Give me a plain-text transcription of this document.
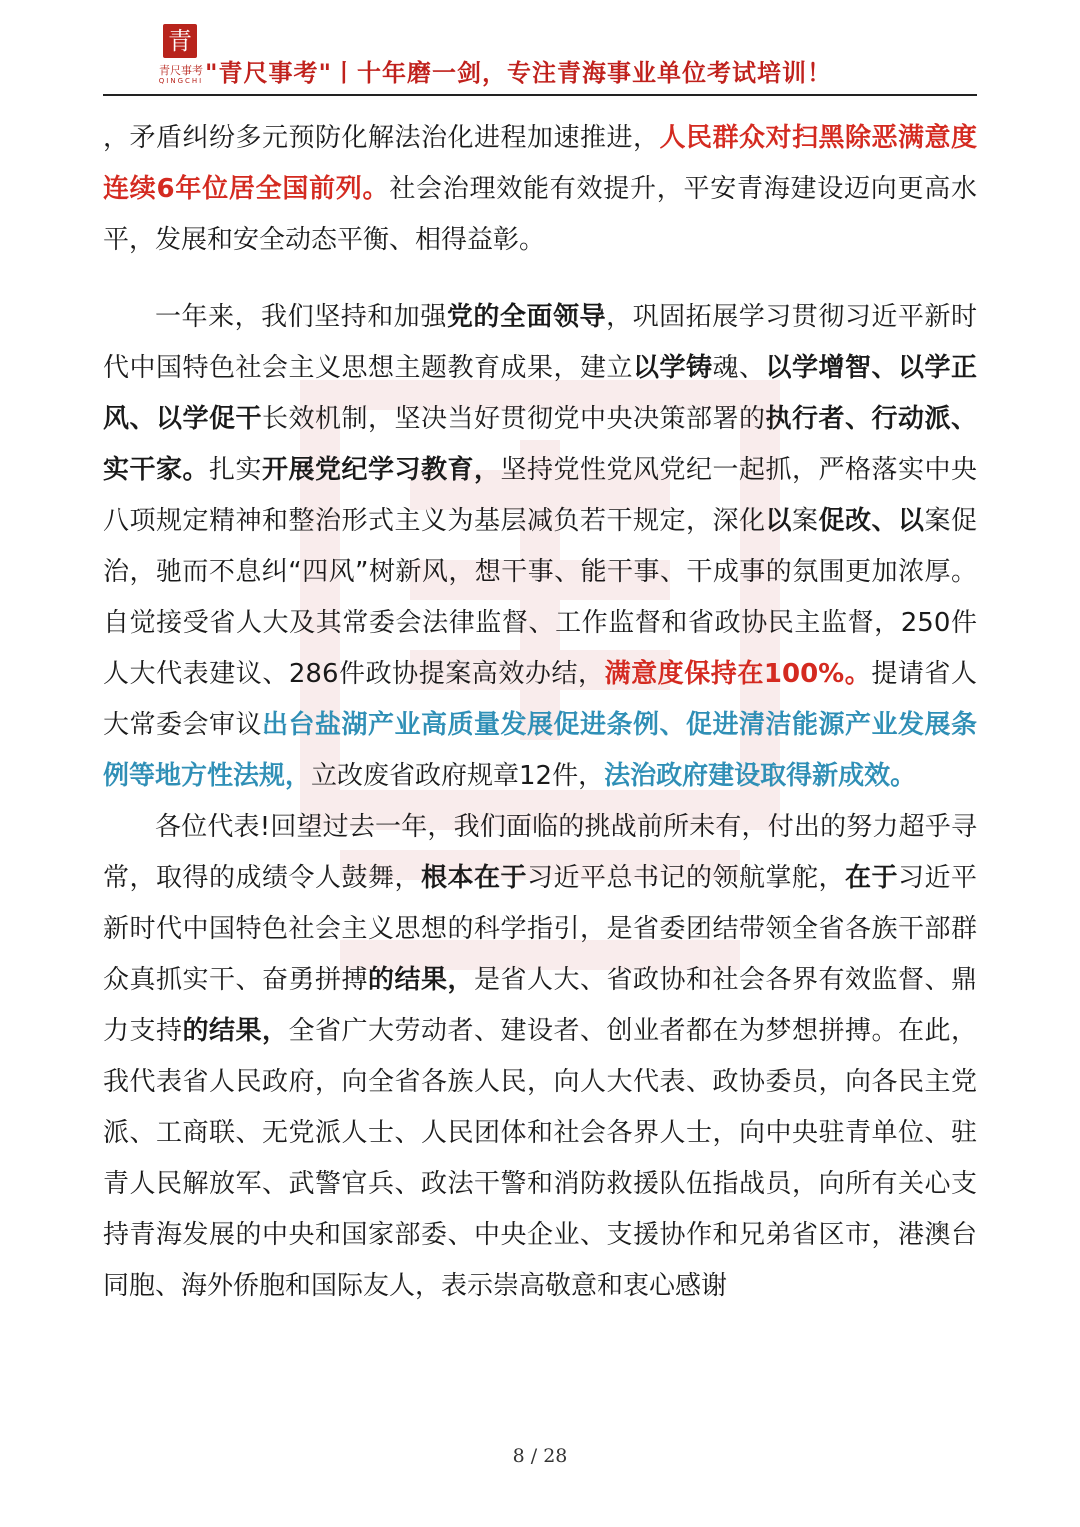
青
青尺事考
QINGCHI "青尺事考"丨十年磨一剑，专注青海事业单位考试培训！

，矛盾纠纷多元预防化解法治化进程加速推进，人民群众对扫黑除恶满意度连续6年位居全国前列。社会治理效能有效提升，平安青海建设迈向更高水平，发展和安全动态平衡、相得益彰。

一年来，我们坚持和加强党的全面领导，巩固拓展学习贯彻习近平新时代中国特色社会主义思想主题教育成果，建立以学铸魂、以学增智、以学正风、以学促干长效机制，坚决当好贯彻党中央决策部署的执行者、行动派、实干家。扎实开展党纪学习教育，坚持党性党风党纪一起抓，严格落实中央八项规定精神和整治形式主义为基层减负若干规定，深化以案促改、以案促治，驰而不息纠“四风”树新风，想干事、能干事、干成事的氛围更加浓厚。自觉接受省人大及其常委会法律监督、工作监督和省政协民主监督，250件人大代表建议、286件政协提案高效办结，满意度保持在100%。提请省人大常委会审议出台盐湖产业高质量发展促进条例、促进清洁能源产业发展条例等地方性法规，立改废省政府规章12件，法治政府建设取得新成效。

各位代表!回望过去一年，我们面临的挑战前所未有，付出的努力超乎寻常，取得的成绩令人鼓舞，根本在于习近平总书记的领航掌舵，在于习近平新时代中国特色社会主义思想的科学指引，是省委团结带领全省各族干部群众真抓实干、奋勇拼搏的结果，是省人大、省政协和社会各界有效监督、鼎力支持的结果，全省广大劳动者、建设者、创业者都在为梦想拼搏。在此，我代表省人民政府，向全省各族人民，向人大代表、政协委员，向各民主党派、工商联、无党派人士、人民团体和社会各界人士，向中央驻青单位、驻青人民解放军、武警官兵、政法干警和消防救援队伍指战员，向所有关心支持青海发展的中央和国家部委、中央企业、支援协作和兄弟省区市，港澳台同胞、海外侨胞和国际友人，表示崇高敬意和衷心感谢

8 / 28
